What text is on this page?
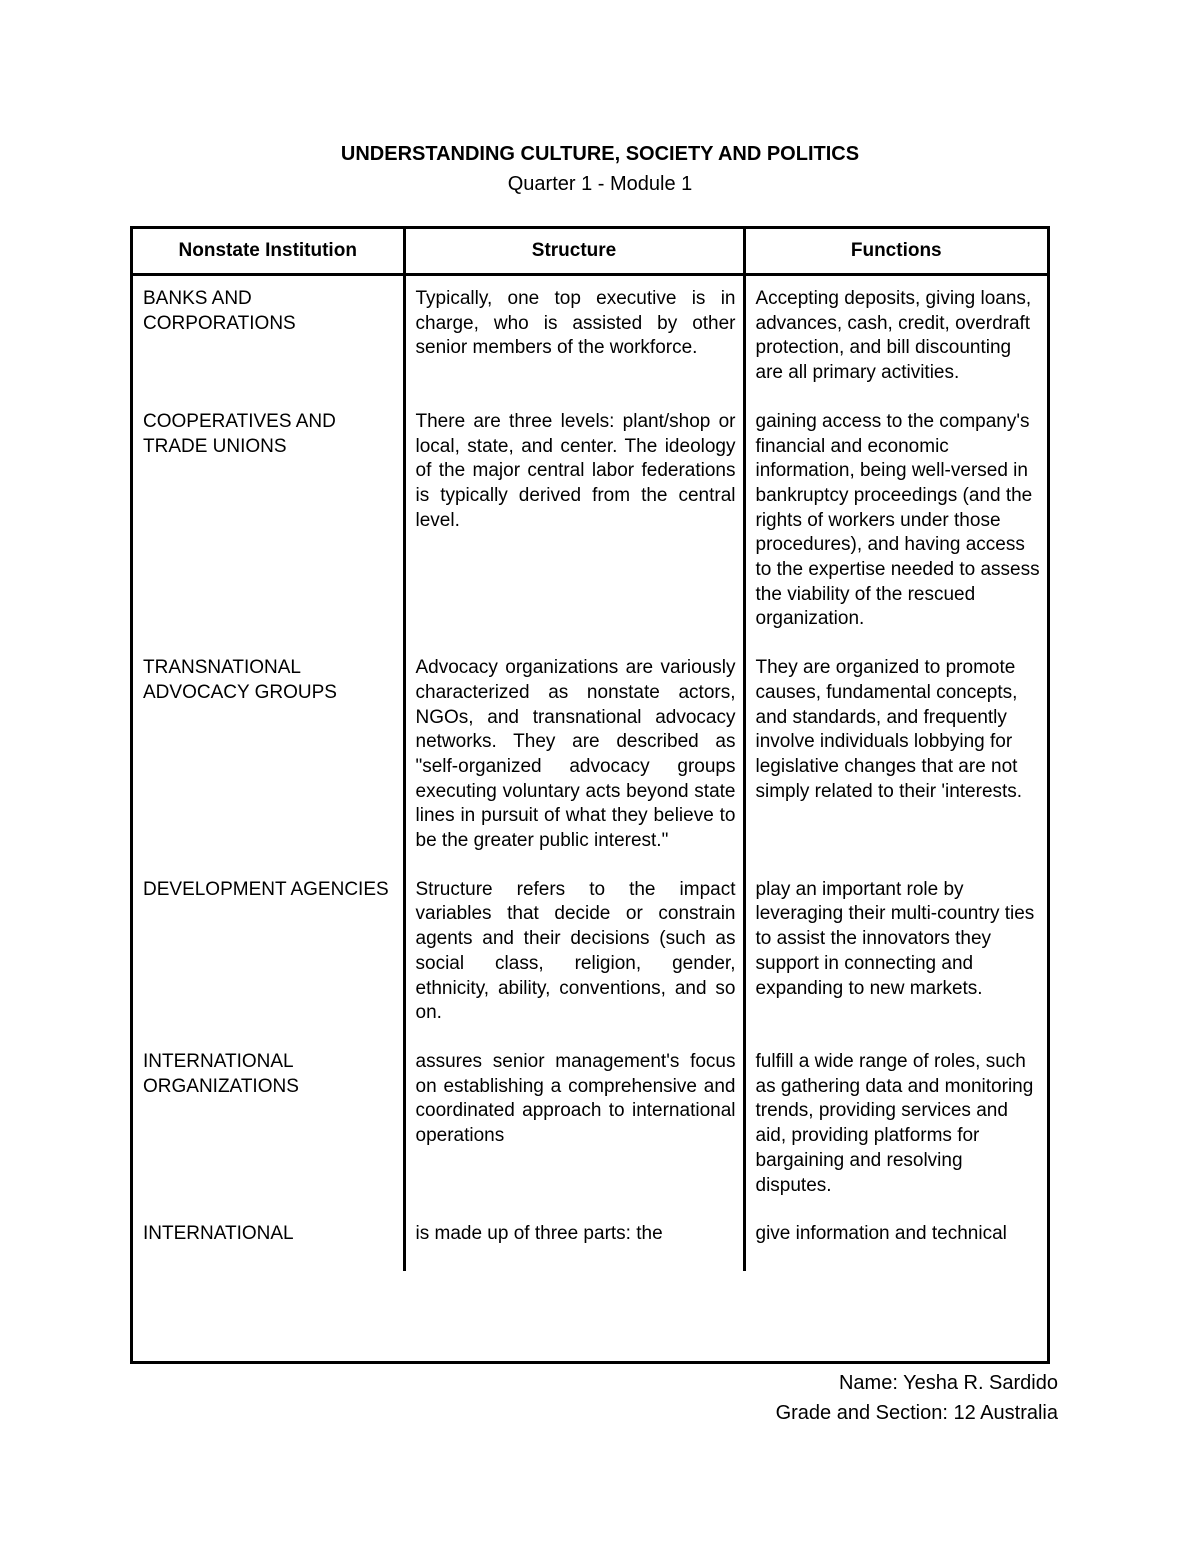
UNDERSTANDING CULTURE, SOCIETY AND POLITICS
Quarter 1 - Module 1
Nonstate Institution	Structure	Functions
BANKS AND CORPORATIONS	Typically, one top executive is in charge, who is assisted by other senior members of the workforce.	Accepting deposits, giving loans, advances, cash, credit, overdraft protection, and bill discounting are all primary activities.
COOPERATIVES AND TRADE UNIONS	There are three levels: plant/shop or local, state, and center. The ideology of the major central labor federations is typically derived from the central level.	gaining access to the company's financial and economic information, being well-versed in bankruptcy proceedings (and the rights of workers under those procedures), and having access to the expertise needed to assess the viability of the rescued organization.
TRANSNATIONAL ADVOCACY GROUPS	Advocacy organizations are variously characterized as nonstate actors, NGOs, and transnational advocacy networks. They are described as "self-organized advocacy groups executing voluntary acts beyond state lines in pursuit of what they believe to be the greater public interest."	They are organized to promote causes, fundamental concepts, and standards, and frequently involve individuals lobbying for legislative changes that are not simply related to their 'interests.
DEVELOPMENT AGENCIES	Structure refers to the impact variables that decide or constrain agents and their decisions (such as social class, religion, gender, ethnicity, ability, conventions, and so on.	play an important role by leveraging their multi-country ties to assist the innovators they support in connecting and expanding to new markets.
INTERNATIONAL ORGANIZATIONS	assures senior management's focus on establishing a comprehensive and coordinated approach to international operations	fulfill a wide range of roles, such as gathering data and monitoring trends, providing services and aid, providing platforms for bargaining and resolving disputes.
INTERNATIONAL	is made up of three parts: the	give information and technical
Name: Yesha R. Sardido
Grade and Section: 12 Australia
